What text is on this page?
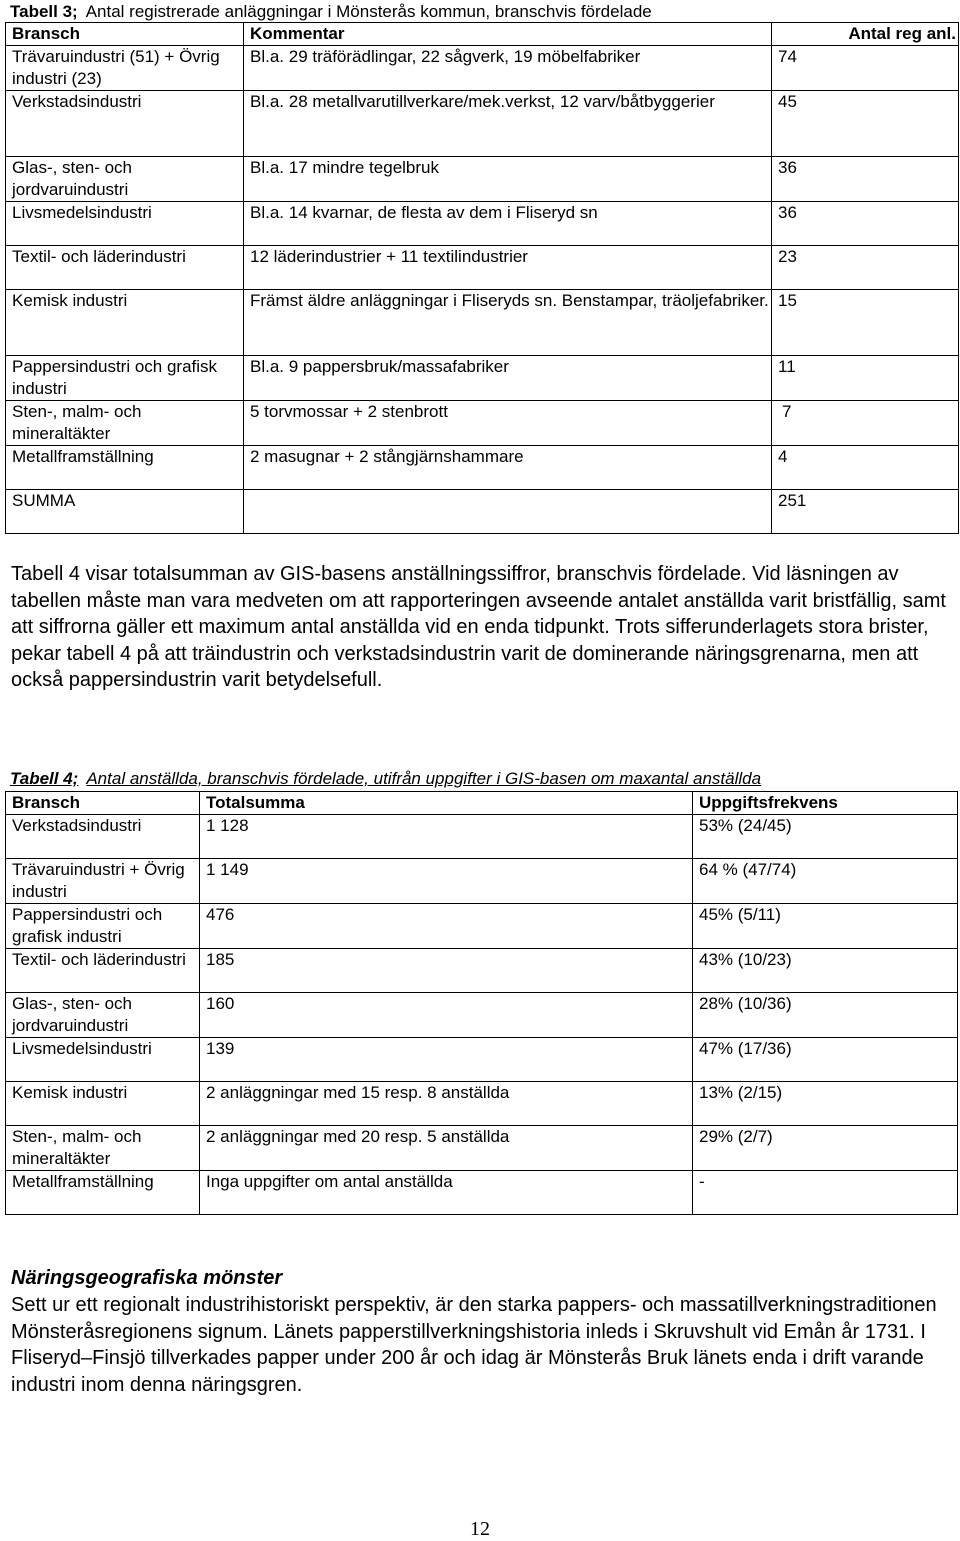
Tabell 3; Antal registrerade anläggningar i Mönsterås kommun, branschvis fördelade
Bransch	Kommentar	Antal reg anl.
Trävaruindustri (51) + Övrig industri (23)	Bl.a. 29 träförädlingar, 22 sågverk, 19 möbelfabriker	74
Verkstadsindustri	Bl.a. 28 metallvarutillverkare/mek.verkst, 12 varv/båtbyggerier	45
Glas-, sten- och jordvaruindustri	Bl.a. 17 mindre tegelbruk	36
Livsmedelsindustri	Bl.a. 14 kvarnar, de flesta av dem i Fliseryd sn	36
Textil- och läderindustri	12 läderindustrier + 11 textilindustrier	23
Kemisk industri	Främst äldre anläggningar i Fliseryds sn. Benstampar, träoljefabriker.	15
Pappersindustri och grafisk industri	Bl.a. 9 pappersbruk/massafabriker	11
Sten-, malm- och mineraltäkter	5 torvmossar + 2 stenbrott	7
Metallframställning	2 masugnar + 2 stångjärnshammare	4
SUMMA		251
Tabell 4 visar totalsumman av GIS-basens anställningssiffror, branschvis fördelade. Vid läsningen av tabellen måste man vara medveten om att rapporteringen avseende antalet anställda varit bristfällig, samt att siffrorna gäller ett maximum antal anställda vid en enda tidpunkt. Trots sifferunderlagets stora brister, pekar tabell 4 på att träindustrin och verkstadsindustrin varit de dominerande näringsgrenarna, men att också pappersindustrin varit betydelsefull.
Tabell 4; Antal anställda, branschvis fördelade, utifrån uppgifter i GIS-basen om maxantal anställda
Bransch	Totalsumma	Uppgiftsfrekvens
Verkstadsindustri	1 128	53% (24/45)
Trävaruindustri + Övrig industri	1 149	64 % (47/74)
Pappersindustri och grafisk industri	476	45% (5/11)
Textil- och läderindustri	185	43% (10/23)
Glas-, sten- och jordvaruindustri	160	28% (10/36)
Livsmedelsindustri	139	47% (17/36)
Kemisk industri	2 anläggningar med 15 resp. 8 anställda	13% (2/15)
Sten-, malm- och mineraltäkter	2 anläggningar med 20 resp. 5 anställda	29% (2/7)
Metallframställning	Inga uppgifter om antal anställda	-
Näringsgeografiska mönster
Sett ur ett regionalt industrihistoriskt perspektiv, är den starka pappers- och massatillverkningstraditionen Mönsteråsregionens signum. Länets papperstillverkningshistoria inleds i Skruvshult vid Emån år 1731. I Fliseryd–Finsjö tillverkades papper under 200 år och idag är Mönsterås Bruk länets enda i drift varande industri inom denna näringsgren.
12
